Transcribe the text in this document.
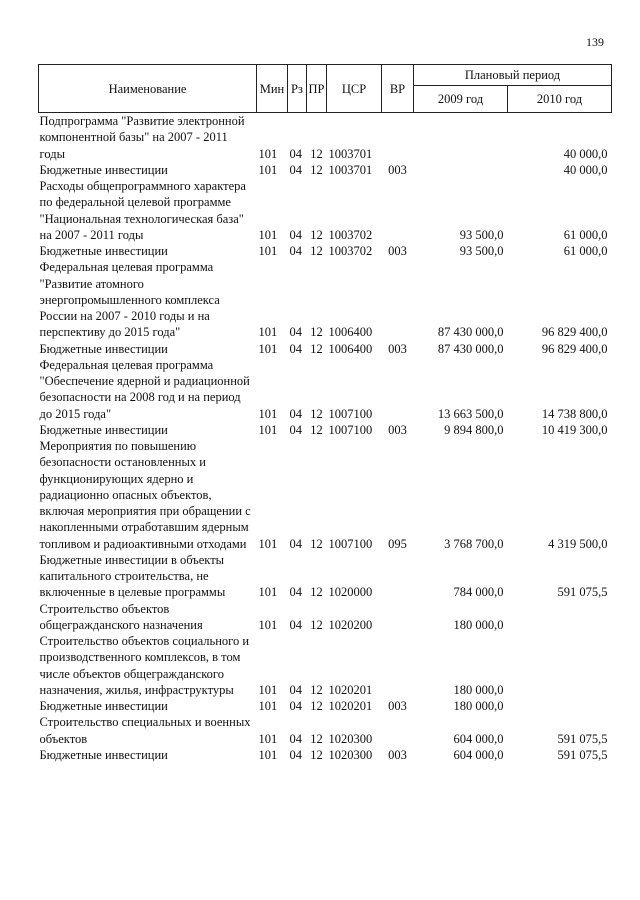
139
Наименование	Мин	Рз	ПР	ЦСР	ВР	Плановый период	
						2009 год	2010 год
Подпрограмма "Развитие электронной компонентной базы" на 2007 - 2011 годы	101	04	12	1003701			40 000,0
Бюджетные инвестиции	101	04	12	1003701	003		40 000,0
Расходы общепрограммного характера по федеральной целевой программе "Национальная технологическая база" на 2007 - 2011 годы	101	04	12	1003702		93 500,0	61 000,0
Бюджетные инвестиции	101	04	12	1003702	003	93 500,0	61 000,0
Федеральная целевая программа "Развитие атомного энергопромышленного комплекса России на 2007 - 2010 годы и на перспективу до 2015 года"	101	04	12	1006400		87 430 000,0	96 829 400,0
Бюджетные инвестиции	101	04	12	1006400	003	87 430 000,0	96 829 400,0
Федеральная целевая программа "Обеспечение ядерной и радиационной безопасности на 2008 год и на период до 2015 года"	101	04	12	1007100		13 663 500,0	14 738 800,0
Бюджетные инвестиции	101	04	12	1007100	003	9 894 800,0	10 419 300,0
Мероприятия по повышению безопасности остановленных и функционирующих ядерно и радиационно опасных объектов, включая мероприятия при обращении с накопленными отработавшим ядерным топливом и радиоактивными отходами	101	04	12	1007100	095	3 768 700,0	4 319 500,0
Бюджетные инвестиции в объекты капитального строительства, не включенные в целевые программы	101	04	12	1020000		784 000,0	591 075,5
Строительство объектов общегражданского назначения	101	04	12	1020200		180 000,0	
Строительство объектов социального и производственного комплексов, в том числе объектов общегражданского назначения, жилья, инфраструктуры	101	04	12	1020201		180 000,0	
Бюджетные инвестиции	101	04	12	1020201	003	180 000,0	
Строительство специальных и военных объектов	101	04	12	1020300		604 000,0	591 075,5
Бюджетные инвестиции	101	04	12	1020300	003	604 000,0	591 075,5
